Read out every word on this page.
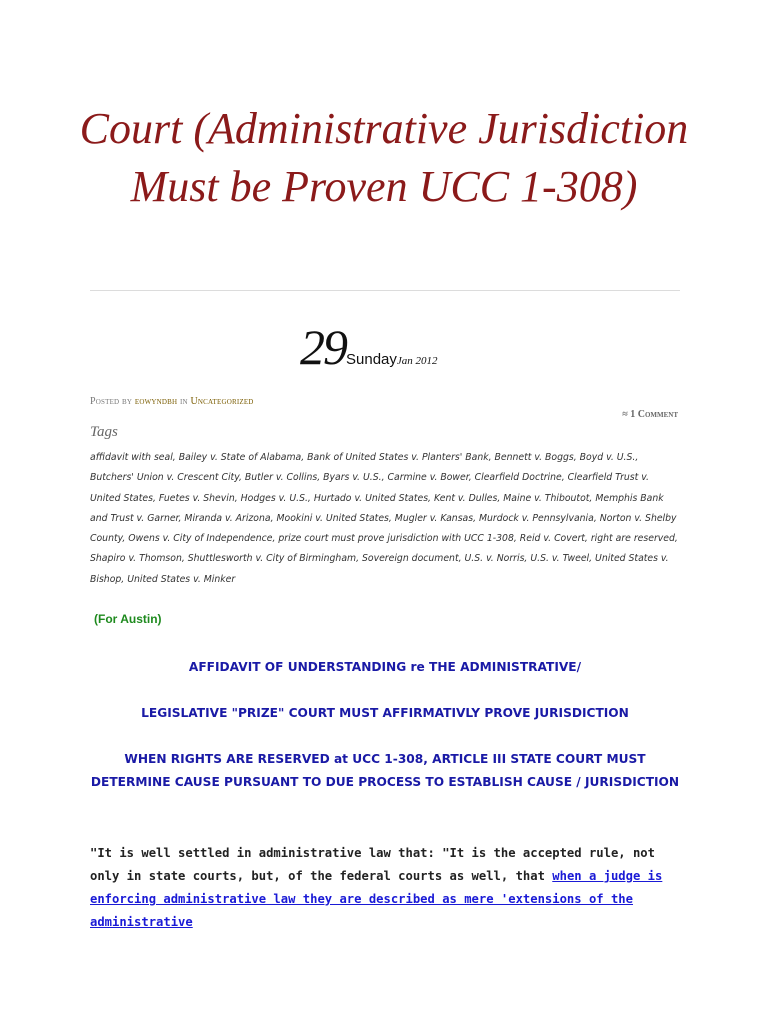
Court (Administrative Jurisdiction Must be Proven UCC 1-308)
29SundayJan 2012
Posted by eowyndbh in Uncategorized
≈ 1 Comment
Tags
affidavit with seal, Bailey v. State of Alabama, Bank of United States v. Planters' Bank, Bennett v. Boggs, Boyd v. U.S., Butchers' Union v. Crescent City, Butler v. Collins, Byars v. U.S., Carmine v. Bower, Clearfield Doctrine, Clearfield Trust v. United States, Fuetes v. Shevin, Hodges v. U.S., Hurtado v. United States, Kent v. Dulles, Maine v. Thiboutot, Memphis Bank and Trust v. Garner, Miranda v. Arizona, Mookini v. United States, Mugler v. Kansas, Murdock v. Pennsylvania, Norton v. Shelby County, Owens v. City of Independence, prize court must prove jurisdiction with UCC 1-308, Reid v. Covert, right are reserved, Shapiro v. Thomson, Shuttlesworth v. City of Birmingham, Sovereign document, U.S. v. Norris, U.S. v. Tweel, United States v. Bishop, United States v. Minker
(For Austin)
AFFIDAVIT OF UNDERSTANDING re THE ADMINISTRATIVE/
LEGISLATIVE "PRIZE" COURT MUST AFFIRMATIVLY PROVE JURISDICTION
WHEN RIGHTS ARE RESERVED at UCC 1-308, ARTICLE III STATE COURT MUST DETERMINE CAUSE PURSUANT TO DUE PROCESS TO ESTABLISH CAUSE / JURISDICTION
"It is well settled in administrative law that: "It is the accepted rule, not only in state courts, but, of the federal courts as well, that when a judge is enforcing administrative law they are described as mere 'extensions of the administrative
